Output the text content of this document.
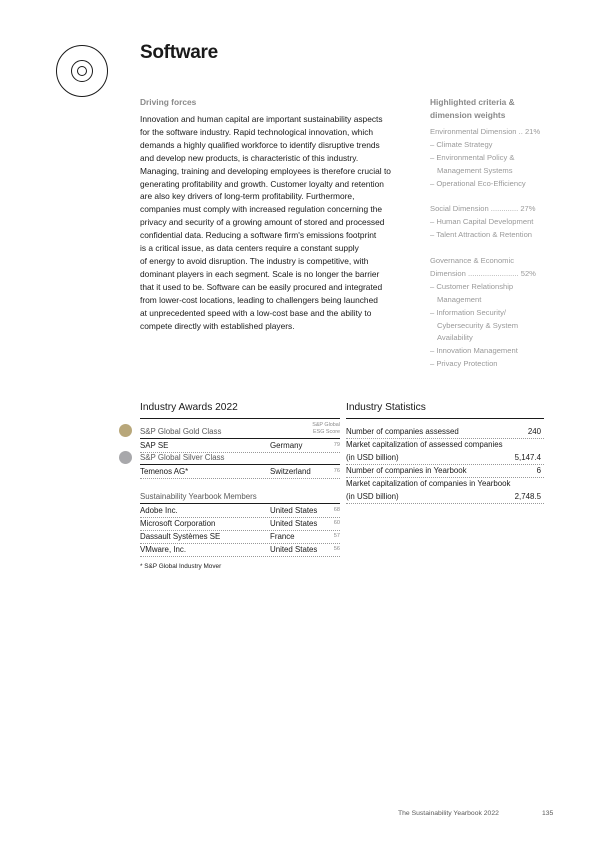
Software
Driving forces
Innovation and human capital are important sustainability aspects
for the software industry. Rapid technological innovation, which
demands a highly qualified workforce to identify disruptive trends
and develop new products, is characteristic of this industry.
Managing, training and developing employees is therefore crucial to
generating profitability and growth. Customer loyalty and retention
are also key drivers of long-term profitability. Furthermore,
companies must comply with increased regulation concerning the
privacy and security of a growing amount of stored and processed
confidential data. Reducing a software firm's emissions footprint
is a critical issue, as data centers require a constant supply
of energy to avoid disruption. The industry is competitive, with
dominant players in each segment. Scale is no longer the barrier
that it used to be. Software can be easily procured and integrated
from lower-cost locations, leading to challengers being launched
at unprecedented speed with a low-cost base and the ability to
compete directly with established players.
Highlighted criteria &
dimension weights
Environmental Dimension .. 21%
– Climate Strategy
– Environmental Policy &
Management Systems
– Operational Eco-Efficiency
Social Dimension ............. 27%
– Human Capital Development
– Talent Attraction & Retention
Governance & Economic
Dimension ........................ 52%
– Customer Relationship
Management
– Information Security/
Cybersecurity & System
Availability
– Innovation Management
– Privacy Protection
Industry Awards 2022
S&P Global
ESG Score
S&P Global Gold Class
SAP SE	Germany	79
S&P Global Silver Class
Temenos AG*	Switzerland	76
Sustainability Yearbook Members
Adobe Inc.	United States	68
Microsoft Corporation	United States	60
Dassault Systèmes SE	France	57
VMware, Inc.	United States	56
* S&P Global Industry Mover
Industry Statistics
Number of companies assessed	240
Market capitalization of assessed companies
(in USD billion)	5,147.4
Number of companies in Yearbook	6
Market capitalization of companies in Yearbook
(in USD billion)	2,748.5
The Sustainability Yearbook 2022	135
